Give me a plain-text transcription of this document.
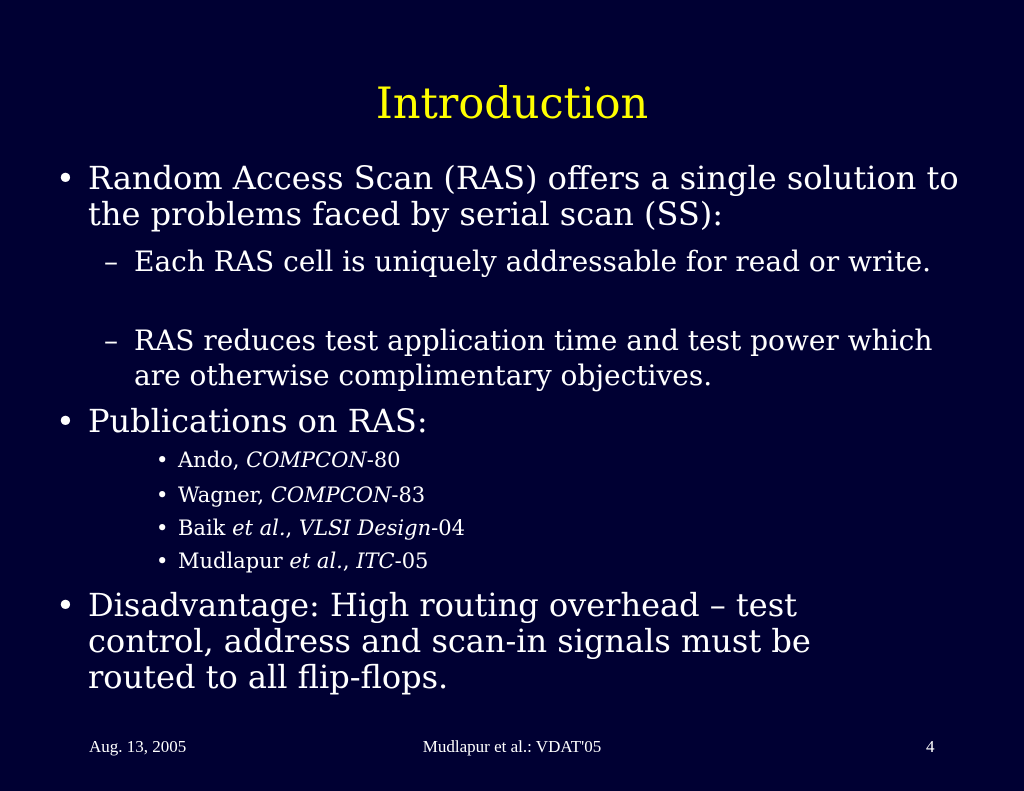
Introduction
• Random Access Scan (RAS) offers a single solution to the problems faced by serial scan (SS):
– Each RAS cell is uniquely addressable for read or write.
– RAS reduces test application time and test power which are otherwise complimentary objectives.
• Publications on RAS:
• Ando, COMPCON-80
• Wagner, COMPCON-83
• Baik et al., VLSI Design-04
• Mudlapur et al., ITC-05
• Disadvantage: High routing overhead – test control, address and scan-in signals must be routed to all flip-flops.
Aug. 13, 2005	Mudlapur et al.: VDAT'05	4
